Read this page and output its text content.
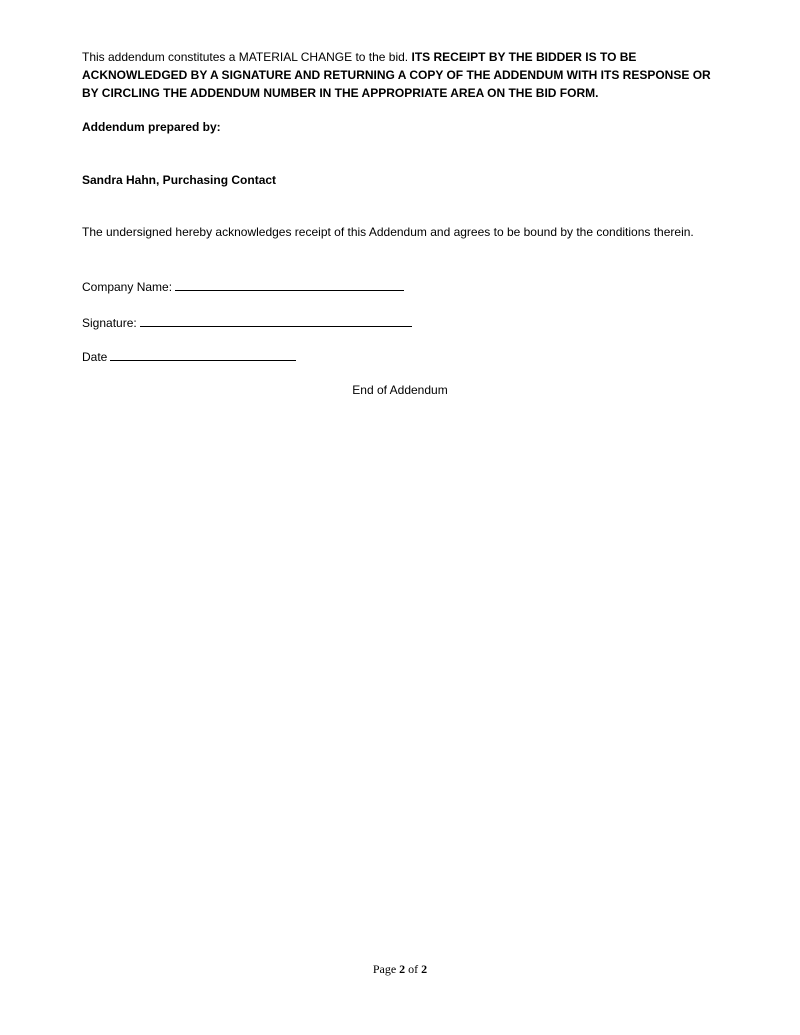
This addendum constitutes a MATERIAL CHANGE to the bid. ITS RECEIPT BY THE BIDDER IS TO BE ACKNOWLEDGED BY A SIGNATURE AND RETURNING A COPY OF THE ADDENDUM WITH ITS RESPONSE OR BY CIRCLING THE ADDENDUM NUMBER IN THE APPROPRIATE AREA ON THE BID FORM.
Addendum prepared by:
Sandra Hahn, Purchasing Contact
The undersigned hereby acknowledges receipt of this Addendum and agrees to be bound by the conditions therein.
Company Name:
Signature:
Date
End of Addendum
Page 2 of 2
